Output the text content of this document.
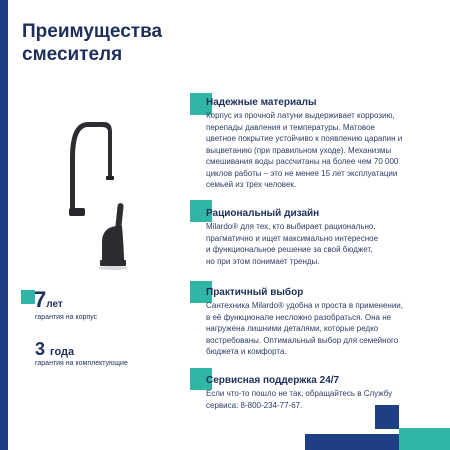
Преимущества
смесителя
7лет
гарантия на корпус
3 года
гарантия на комплектующие
Надежные материалы

Корпус из прочной латуни выдерживает коррозию,
перепады давления и температуры. Матовое
цветное покрытие устойчиво к появлению царапин и
выцветанию (при правильном уходе). Механизмы
смешивания воды рассчитаны на более чем 70 000
циклов работы – это не менее 15 лет эксплуатации
семьей из трех человек.

Рациональный дизайн

Milardo® для тех, кто выбирает рационально,
прагматично и ищет максимально интересное
и функциональное решение за свой бюджет,
но при этом понимает тренды.

Практичный выбор

Сантехника Milardo® удобна и проста в применении,
в её функционале несложно разобраться. Она не
нагружена лишними деталями, которые редко
востребованы. Оптимальный выбор для семейного
бюджета и комфорта.

Сервисная поддержка 24/7

Если что-то пошло не так, обращайтесь в Службу
сервиса: 8-800-234-77-67.
